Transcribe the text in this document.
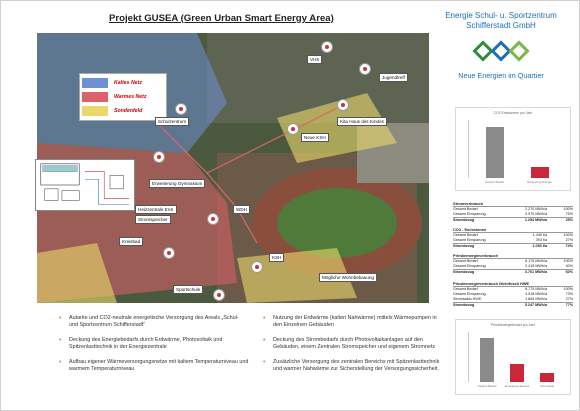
Projekt GUSEA (Green Urban Smart Energy Area)	Energie Schul- u. Sportzentrum
Schifferstadt GmbH
Neue Energien im Quartier
Kaltes Netz
Warmes Netz
Sondenfeld
VHS
Jugendtreff
Schulzentrum	Kita Haus des Kindes
Neue KSH
Erweiterung Gymnasium
Heizzentrale EnS
Stromspeicher
WDH
Kreisbad
KSH
Mögliche Wohnbebauung
Sportschule
CO2 Emissionen pro Jahr
Gesamt Bedarf	Einsparung Energie
Stromverbrauch
Gesamt Bedarf	2.270 MWh/a	100%
Gesamt Einsparung	2.970 MWh/a	75%
Strombezug	1.254 MWh/a	25%
CO2 - Emissionen
Gesamt Bedarf	1.446 t/a	100%
Gesamt Einsparung	393 t/a	27%
Strombezug	1.053 t/a	73%
Primärenergieverbrauch
Gesamt Bedarf	6.175 MWh/a	100%
Gesamt Einsparung	2.418 MWh/a	40%
Strombezug	3.761 MWh/a	60%
Primärenergieverbrauch Nichtfossil HWE
Gesamt Bedarf	6.775 MWh/a	100%
Gesamt Einsparung	4.918 MWh/a	73%
Stromsaldo HWE	1.864 MWh/a	27%
Strombezug	5.247 MWh/a	77%
Primärenergiebedarf pro Jahr
Gesamt Bedarf	Einsparung Energie	Stromsaldo
• Autarke und CO2-neutrale energetische Versorgung des Areals „Schul- und Sportzentrum Schifferstadt"
• Deckung des Energiebedarfs durch Erdwärme, Photovoltaik und Spitzenlasttechnik in der Energiezentrale
• Aufbau eigener Wärmeversorgungsnetze mit kaltem Temperaturniveau und warmem Temperaturniveau
• Nutzung der Erdwärme (kalten Nahwärme) mittels Wärmepumpen in den Einzelnen Gebäuden
• Deckung des Strombedarfs durch Photovoltaikanlagen auf den Gebäuden, einem Zentralen Stromspeicher und eigenem Stromnetz
• Zusätzliche Versorgung des zentralen Bereichs mit Spitzenlasttechnik und warmer Nahwärme zur Sicherstellung der Versorgungssicherheit.
